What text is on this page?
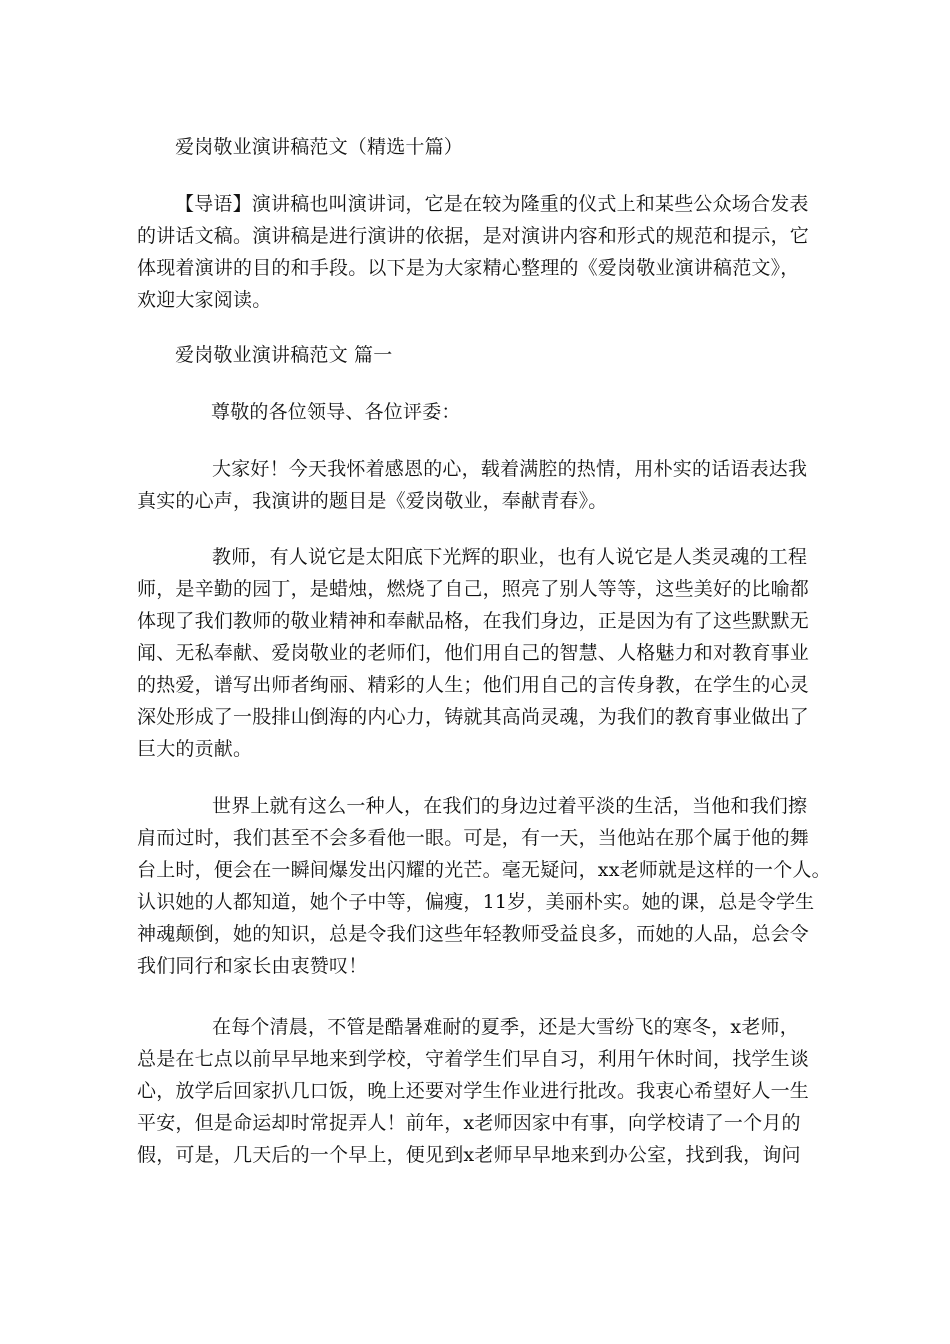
爱岗敬业演讲稿范文（精选十篇）
【导语】演讲稿也叫演讲词，它是在较为隆重的仪式上和某些公众场合发表
的讲话文稿。演讲稿是进行演讲的依据，是对演讲内容和形式的规范和提示，它
体现着演讲的目的和手段。以下是为大家精心整理的《爱岗敬业演讲稿范文》，
欢迎大家阅读。
爱岗敬业演讲稿范文 篇一
尊敬的各位领导、各位评委：
大家好！今天我怀着感恩的心，载着满腔的热情，用朴实的话语表达我
真实的心声，我演讲的题目是《爱岗敬业，奉献青春》。
教师，有人说它是太阳底下光辉的职业，也有人说它是人类灵魂的工程
师，是辛勤的园丁，是蜡烛，燃烧了自己，照亮了别人等等，这些美好的比喻都
体现了我们教师的敬业精神和奉献品格，在我们身边，正是因为有了这些默默无
闻、无私奉献、爱岗敬业的老师们，他们用自己的智慧、人格魅力和对教育事业
的热爱，谱写出师者绚丽、精彩的人生；他们用自己的言传身教，在学生的心灵
深处形成了一股排山倒海的内心力，铸就其高尚灵魂，为我们的教育事业做出了
巨大的贡献。
世界上就有这么一种人，在我们的身边过着平淡的生活，当他和我们擦
肩而过时，我们甚至不会多看他一眼。可是，有一天，当他站在那个属于他的舞
台上时，便会在一瞬间爆发出闪耀的光芒。毫无疑问，xx老师就是这样的一个人。
认识她的人都知道，她个子中等，偏瘦，11岁，美丽朴实。她的课，总是令学生
神魂颠倒，她的知识，总是令我们这些年轻教师受益良多，而她的人品，总会令
我们同行和家长由衷赞叹！
在每个清晨，不管是酷暑难耐的夏季，还是大雪纷飞的寒冬，x老师，
总是在七点以前早早地来到学校，守着学生们早自习，利用午休时间，找学生谈
心，放学后回家扒几口饭，晚上还要对学生作业进行批改。我衷心希望好人一生
平安，但是命运却时常捉弄人！前年，x老师因家中有事，向学校请了一个月的
假，可是，几天后的一个早上，便见到x老师早早地来到办公室，找到我，询问
